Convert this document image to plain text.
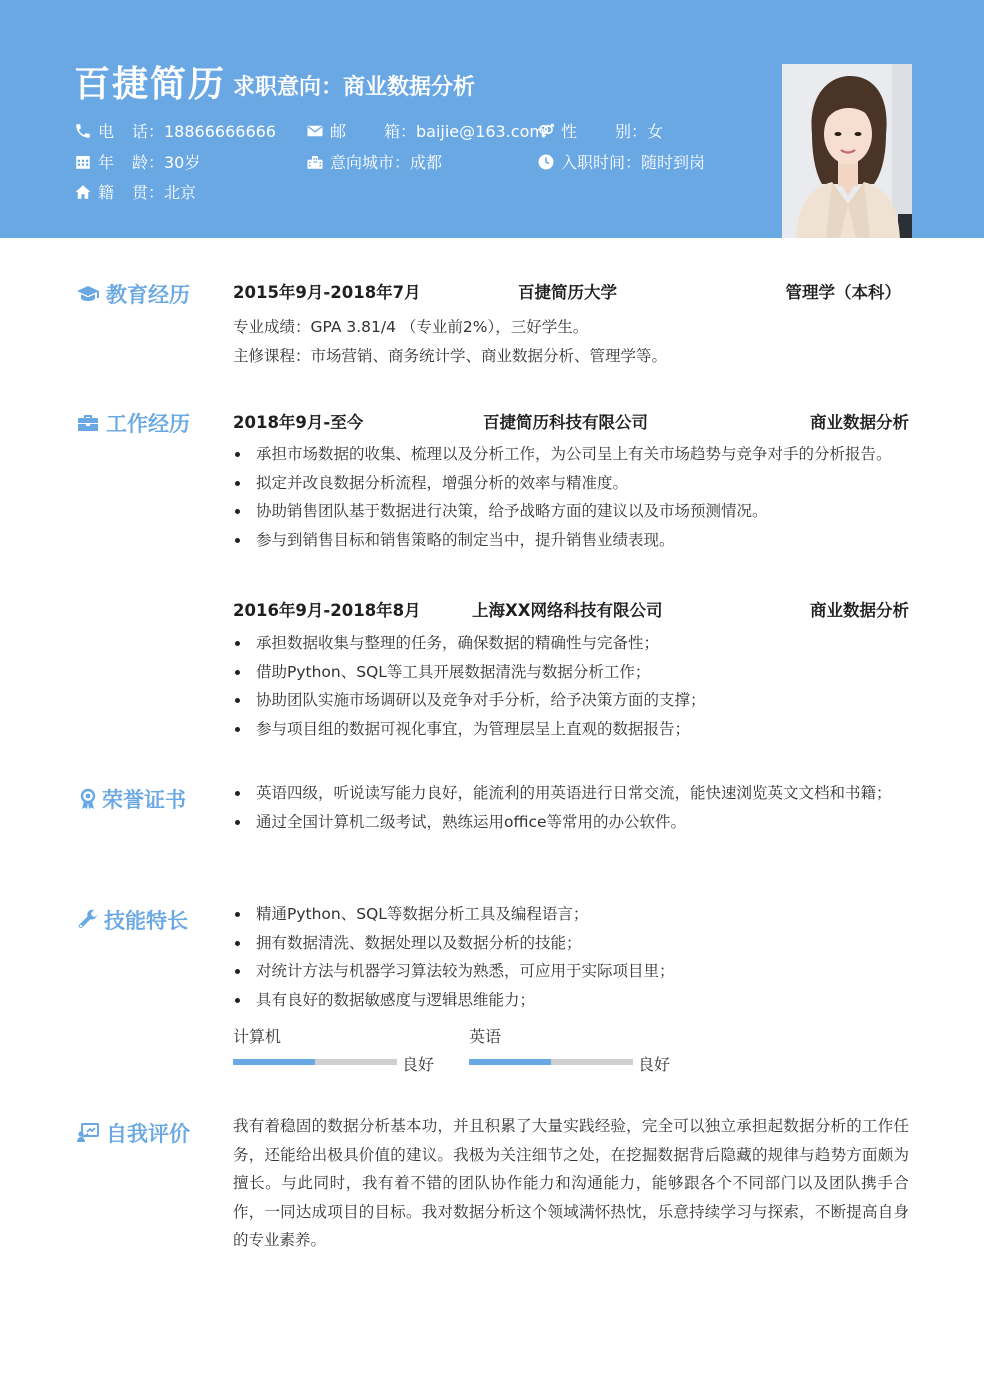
百捷简历 求职意向：商业数据分析
电 话 ：18866666666	邮 箱 ：baijie@163.com 性 别 ：女
年 龄 ：30岁	意向城市 ：成都	入职时间 ：随时到岗
籍 贯 ：北京
教育经历	2015年9月-2018年7月	百捷简历大学	管理学（本科）
专业成绩：GPA 3.81/4 （专业前2%），三好学生。
主修课程：市场营销、商务统计学、商业数据分析、管理学等。
工作经历	2018年9月-至今	百捷简历科技有限公司	商业数据分析
承担市场数据的收集、梳理以及分析工作，为公司呈上有关市场趋势与竞争对手的分析报告。
拟定并改良数据分析流程，增强分析的效率与精准度。
协助销售团队基于数据进行决策，给予战略方面的建议以及市场预测情况。
参与到销售目标和销售策略的制定当中，提升销售业绩表现。
2016年9月-2018年8月	上海XX网络科技有限公司	商业数据分析
承担数据收集与整理的任务，确保数据的精确性与完备性；
借助Python、SQL等工具开展数据清洗与数据分析工作；
协助团队实施市场调研以及竞争对手分析，给予决策方面的支撑；
参与项目组的数据可视化事宜，为管理层呈上直观的数据报告；
荣誉证书	英语四级，听说读写能力良好，能流利的用英语进行日常交流，能快速浏览英文文档和书籍；
通过全国计算机二级考试，熟练运用office等常用的办公软件。
技能特长	精通Python、SQL等数据分析工具及编程语言；
拥有数据清洗、数据处理以及数据分析的技能；
对统计方法与机器学习算法较为熟悉，可应用于实际项目里；
具有良好的数据敏感度与逻辑思维能力；
计算机
良好
英语
良好
自我评价	我有着稳固的数据分析基本功，并且积累了大量实践经验，完全可以独立承担起数据分析的工作任务，还能给出极具价值的建议。我极为关注细节之处，在挖掘数据背后隐藏的规律与趋势方面颇为擅长。与此同时，我有着不错的团队协作能力和沟通能力，能够跟各个不同部门以及团队携手合作，一同达成项目的目标。我对数据分析这个领域满怀热忱，乐意持续学习与探索，不断提高自身的专业素养。
